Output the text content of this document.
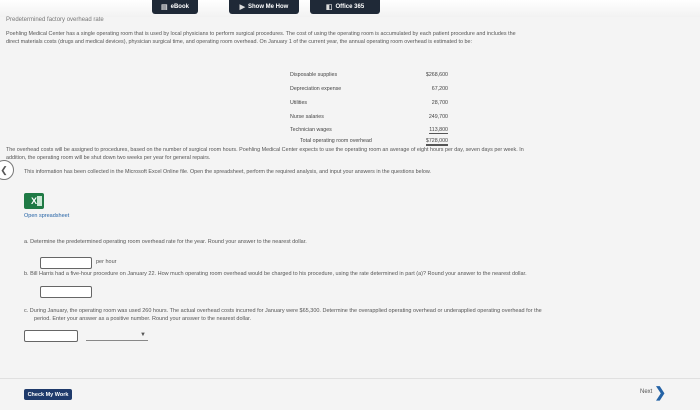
▤ eBook	▶ Show Me How	◧ Office 365
Predetermined factory overhead rate
Poehling Medical Center has a single operating room that is used by local physicians to perform surgical procedures. The cost of using the operating room is accumulated by each patient procedure and includes the
direct materials costs (drugs and medical devices), physician surgical time, and operating room overhead. On January 1 of the current year, the annual operating room overhead is estimated to be:
Disposable supplies	$268,600
Depreciation expense	67,200
Utilities	28,700
Nurse salaries	249,700
Technician wages	113,800
Total operating room overhead	$728,000
The overhead costs will be assigned to procedures, based on the number of surgical room hours. Poehling Medical Center expects to use the operating room an average of eight hours per day, seven days per week. In
addition, the operating room will be shut down two weeks per year for general repairs.
❮	This information has been collected in the Microsoft Excel Online file. Open the spreadsheet, perform the required analysis, and input your answers in the questions below.
X
Open spreadsheet
a. Determine the predetermined operating room overhead rate for the year. Round your answer to the nearest dollar.
per hour
b. Bill Harris had a five-hour procedure on January 22. How much operating room overhead would be charged to his procedure, using the rate determined in part (a)? Round your answer to the nearest dollar.
c. During January, the operating room was used 260 hours. The actual overhead costs incurred for January were $65,300. Determine the overapplied operating overhead or underapplied operating overhead for the
period. Enter your answer as a positive number. Round your answer to the nearest dollar.
▼
Check My Work	Next ❯
